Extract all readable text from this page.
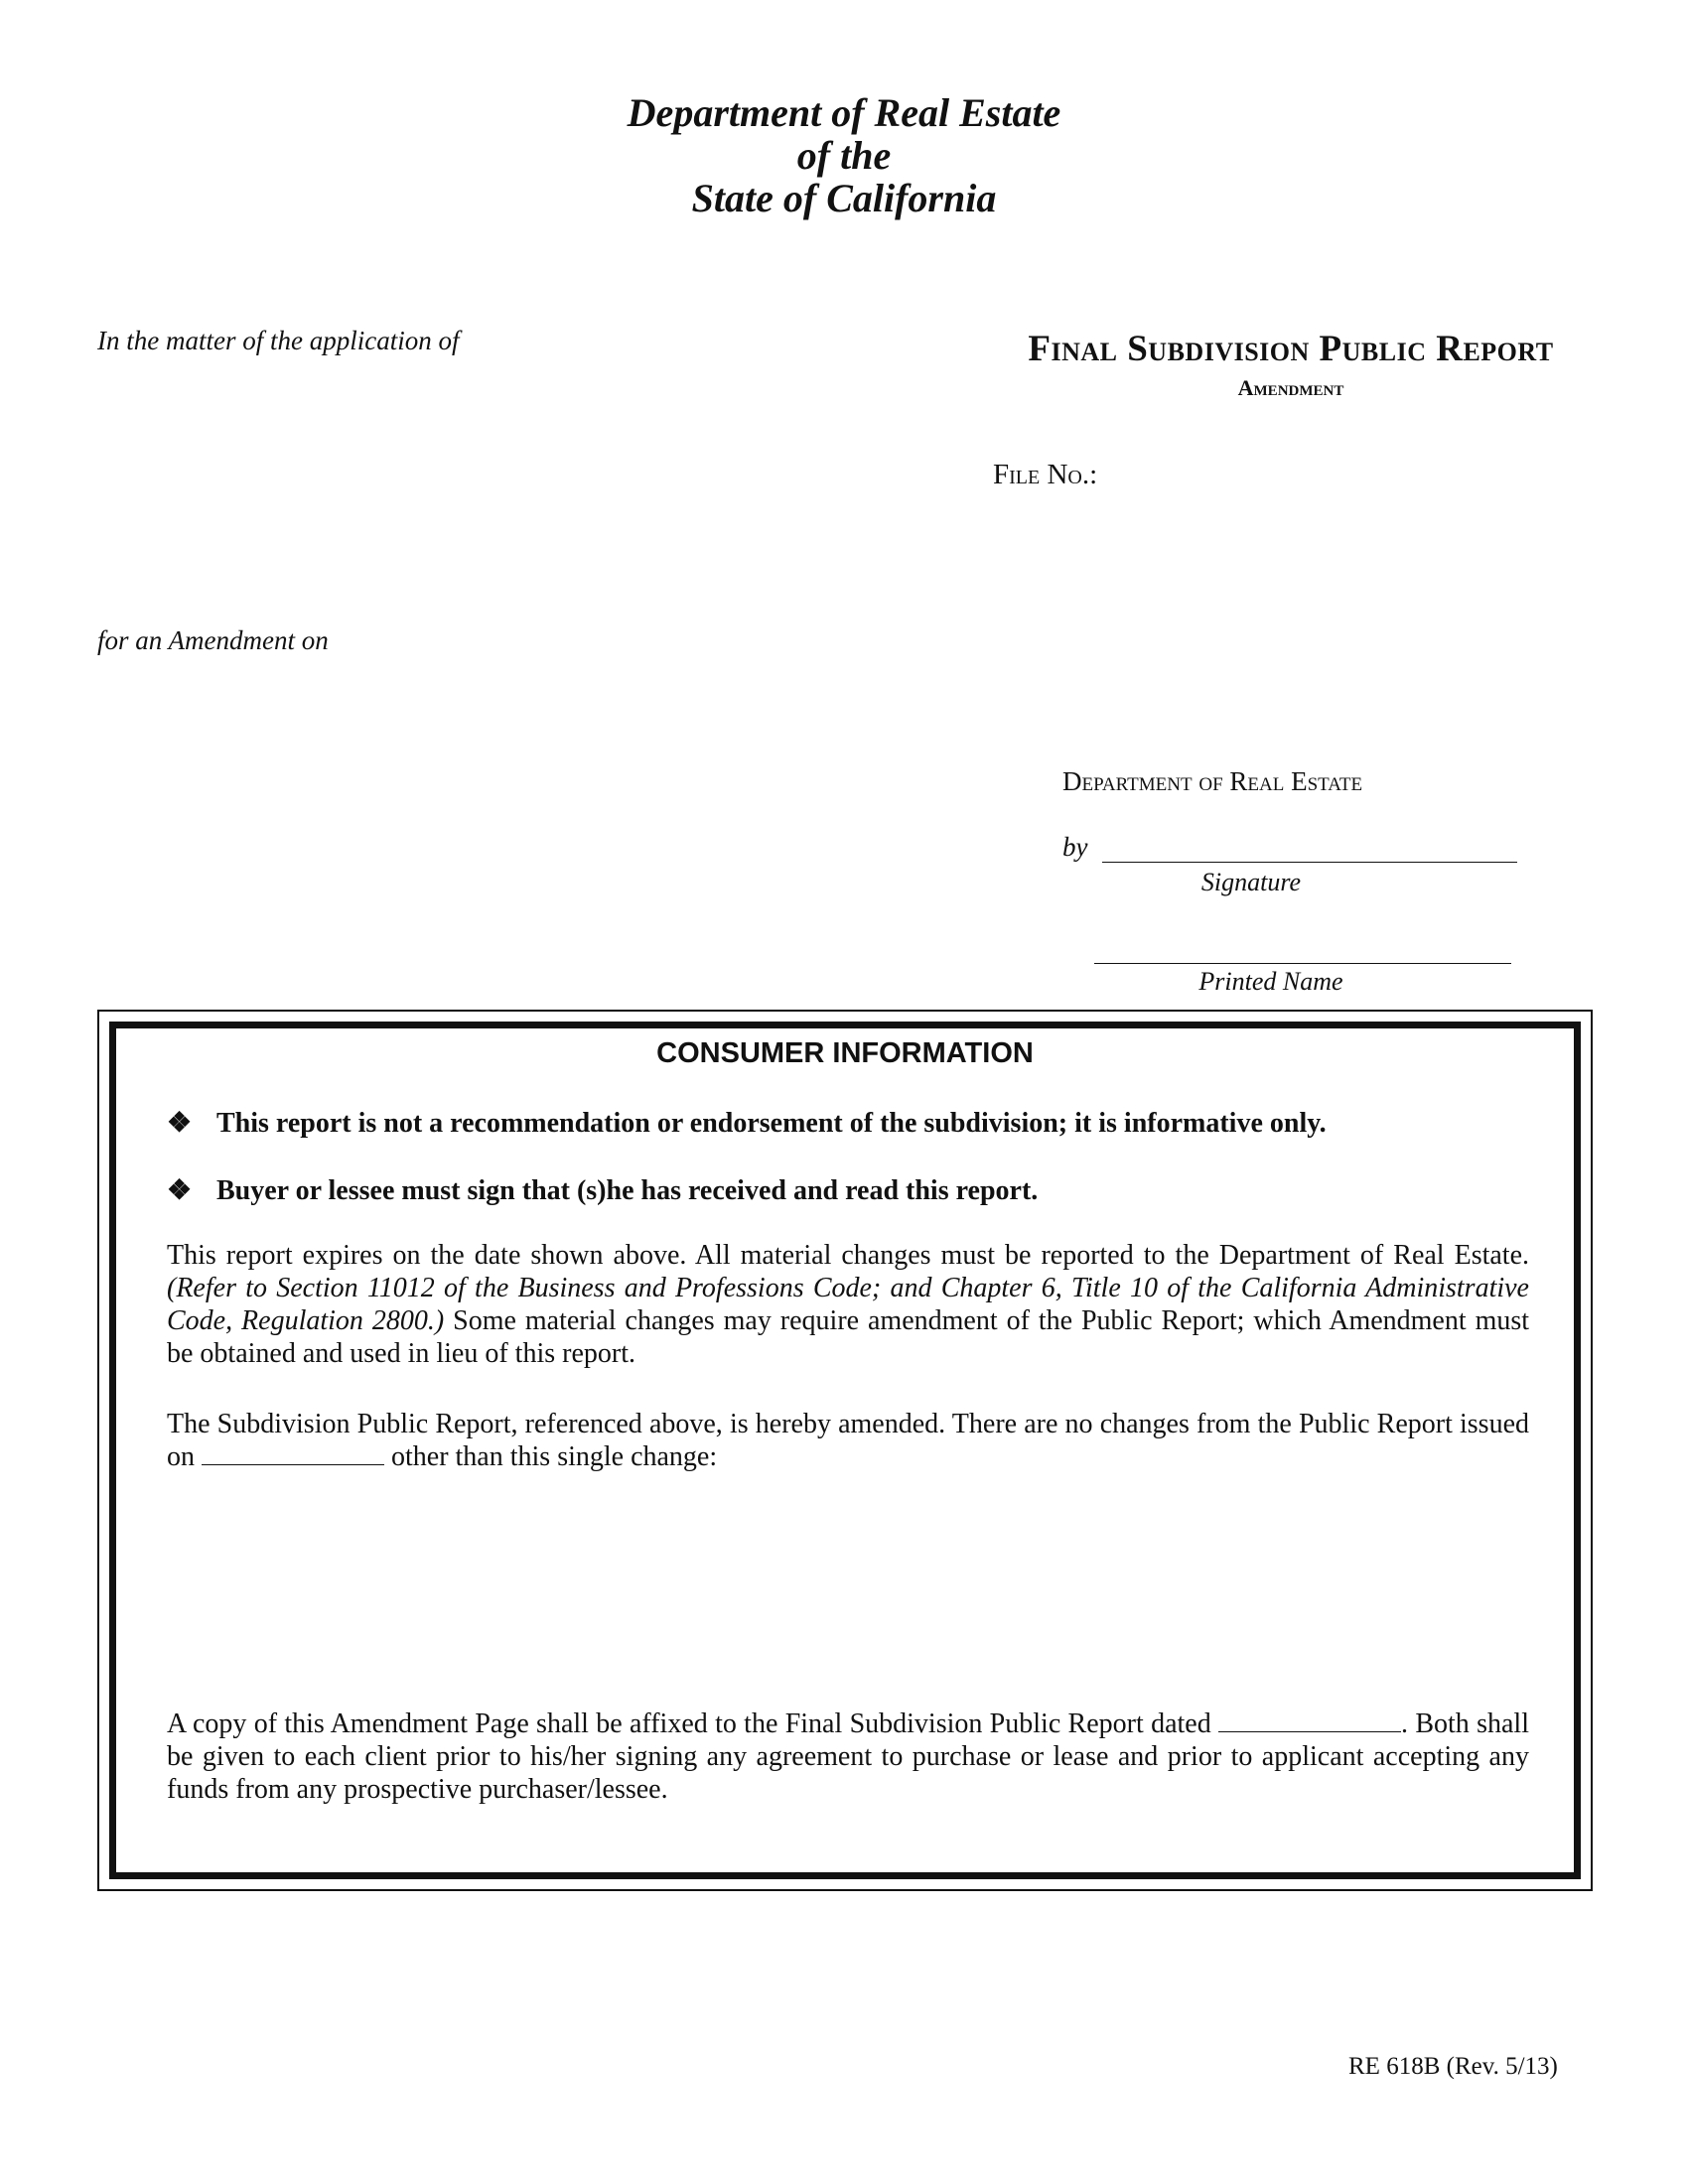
Department of Real Estate
of the
State of California
In the matter of the application of
for an Amendment on
Final Subdivision Public Report
Amendment
File No.:
Department of Real Estate
by
Signature
Printed Name
CONSUMER INFORMATION
❖ This report is not a recommendation or endorsement of the subdivision; it is informative only.
❖ Buyer or lessee must sign that (s)he has received and read this report.
This report expires on the date shown above. All material changes must be reported to the Department of Real Estate. (Refer to Section 11012 of the Business and Professions Code; and Chapter 6, Title 10 of the California Administrative Code, Regulation 2800.) Some material changes may require amendment of the Public Report; which Amendment must be obtained and used in lieu of this report.
The Subdivision Public Report, referenced above, is hereby amended. There are no changes from the Public Report issued on	other than this single change:
A copy of this Amendment Page shall be affixed to the Final Subdivision Public Report dated	. Both shall be given to each client prior to his/her signing any agreement to purchase or lease and prior to applicant accepting any funds from any prospective purchaser/lessee.
RE 618B (Rev. 5/13)
